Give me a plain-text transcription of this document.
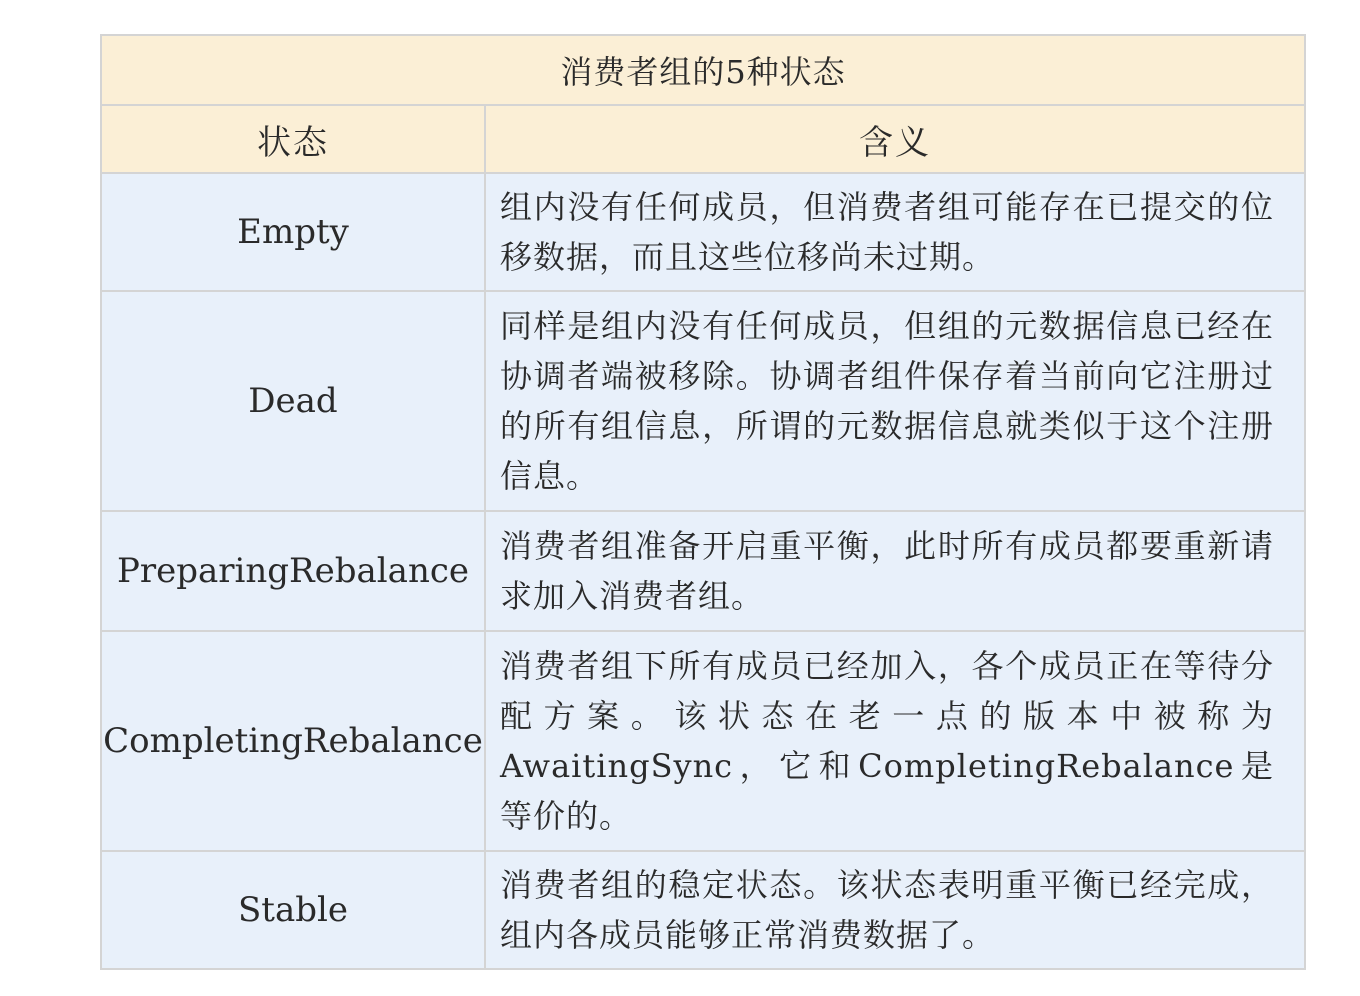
消费者组的5种状态	
状态	含义
Empty	组内没有任何成员，但消费者组可能存在已提交的位移数据，而且这些位移尚未过期。
Dead	同样是组内没有任何成员，但组的元数据信息已经在协调者端被移除。协调者组件保存着当前向它注册过的所有组信息，所谓的元数据信息就类似于这个注册信息。
PreparingRebalance	消费者组准备开启重平衡，此时所有成员都要重新请求加入消费者组。
CompletingRebalance	消费者组下所有成员已经加入，各个成员正在等待分配方案。该状态在老一点的版本中被称为AwaitingSync，它和CompletingRebalance是等价的。
Stable	消费者组的稳定状态。该状态表明重平衡已经完成，组内各成员能够正常消费数据了。
